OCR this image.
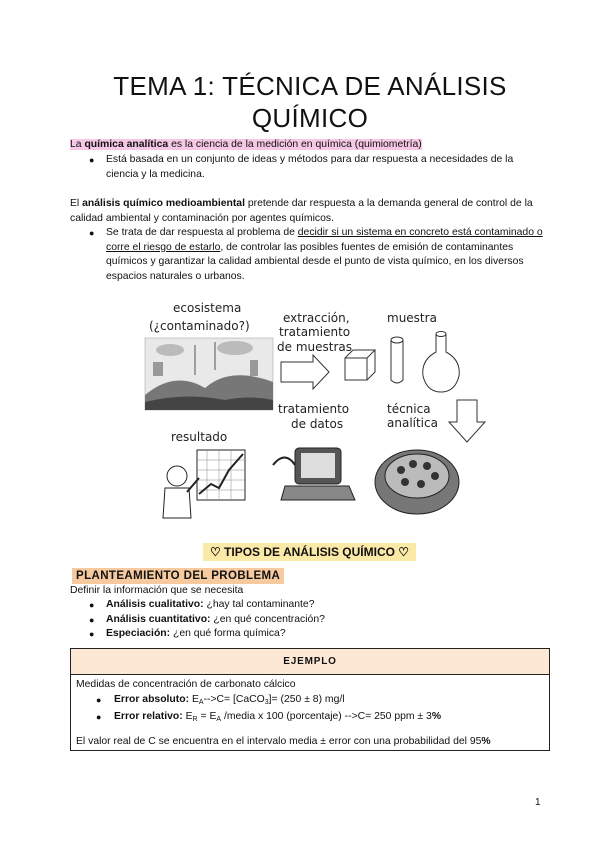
TEMA 1: TÉCNICA DE ANÁLISIS
QUÍMICO
La química analítica es la ciencia de la medición en química (quimiometría)
● Está basada en un conjunto de ideas y métodos para dar respuesta a necesidades de la ciencia y la medicina.
El análisis químico medioambiental pretende dar respuesta a la demanda general de control de la calidad ambiental y contaminación por agentes químicos.
● Se trata de dar respuesta al problema de decidir si un sistema en concreto está contaminado o corre el riesgo de estarlo, de controlar las posibles fuentes de emisión de contaminantes químicos y garantizar la calidad ambiental desde el punto de vista químico, en los diversos espacios naturales o urbanos.
ecosistema
(¿contaminado?)
extracción,
tratamiento
de muestras
muestra
tratamiento
de datos
técnica
analítica
resultado
♡ TIPOS DE ANÁLISIS QUÍMICO ♡
PLANTEAMIENTO DEL PROBLEMA
Definir la información que se necesita
● Análisis cualitativo: ¿hay tal contaminante?
● Análisis cuantitativo: ¿en qué concentración?
● Especiación: ¿en qué forma química?
EJEMPLO
Medidas de concentración de carbonato cálcico
● Error absoluto: $E_A-->C=$ [CaCO$_3$]= (250 ± 8) mg/l
● Error relativo: $E_R = E_A$ /media x 100 (porcentaje) -->C= 250 ppm ± 3%
El valor real de C se encuentra en el intervalo media ± error con una probabilidad del 95%
1
